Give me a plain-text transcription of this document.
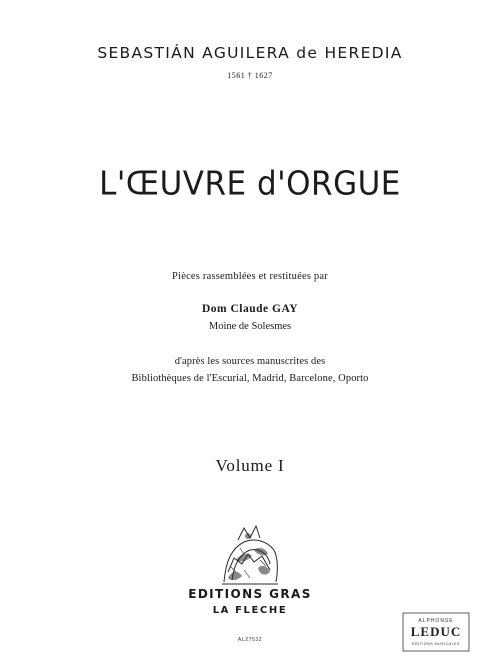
SEBASTIÁN AGUILERA de HEREDIA
1561 † 1627
L'ŒUVRE d'ORGUE
Pièces rassemblées et restituées par
Dom Claude GAY
Moine de Solesmes
d'après les sources manuscrites des
Bibliothèques de l'Escurial, Madrid, Barcelone, Oporto
Volume I
EDITIONS GRAS
LA FLECHE
AL27532
ALPHONSE
LEDUC
ÉDITIONS MUSICALES
